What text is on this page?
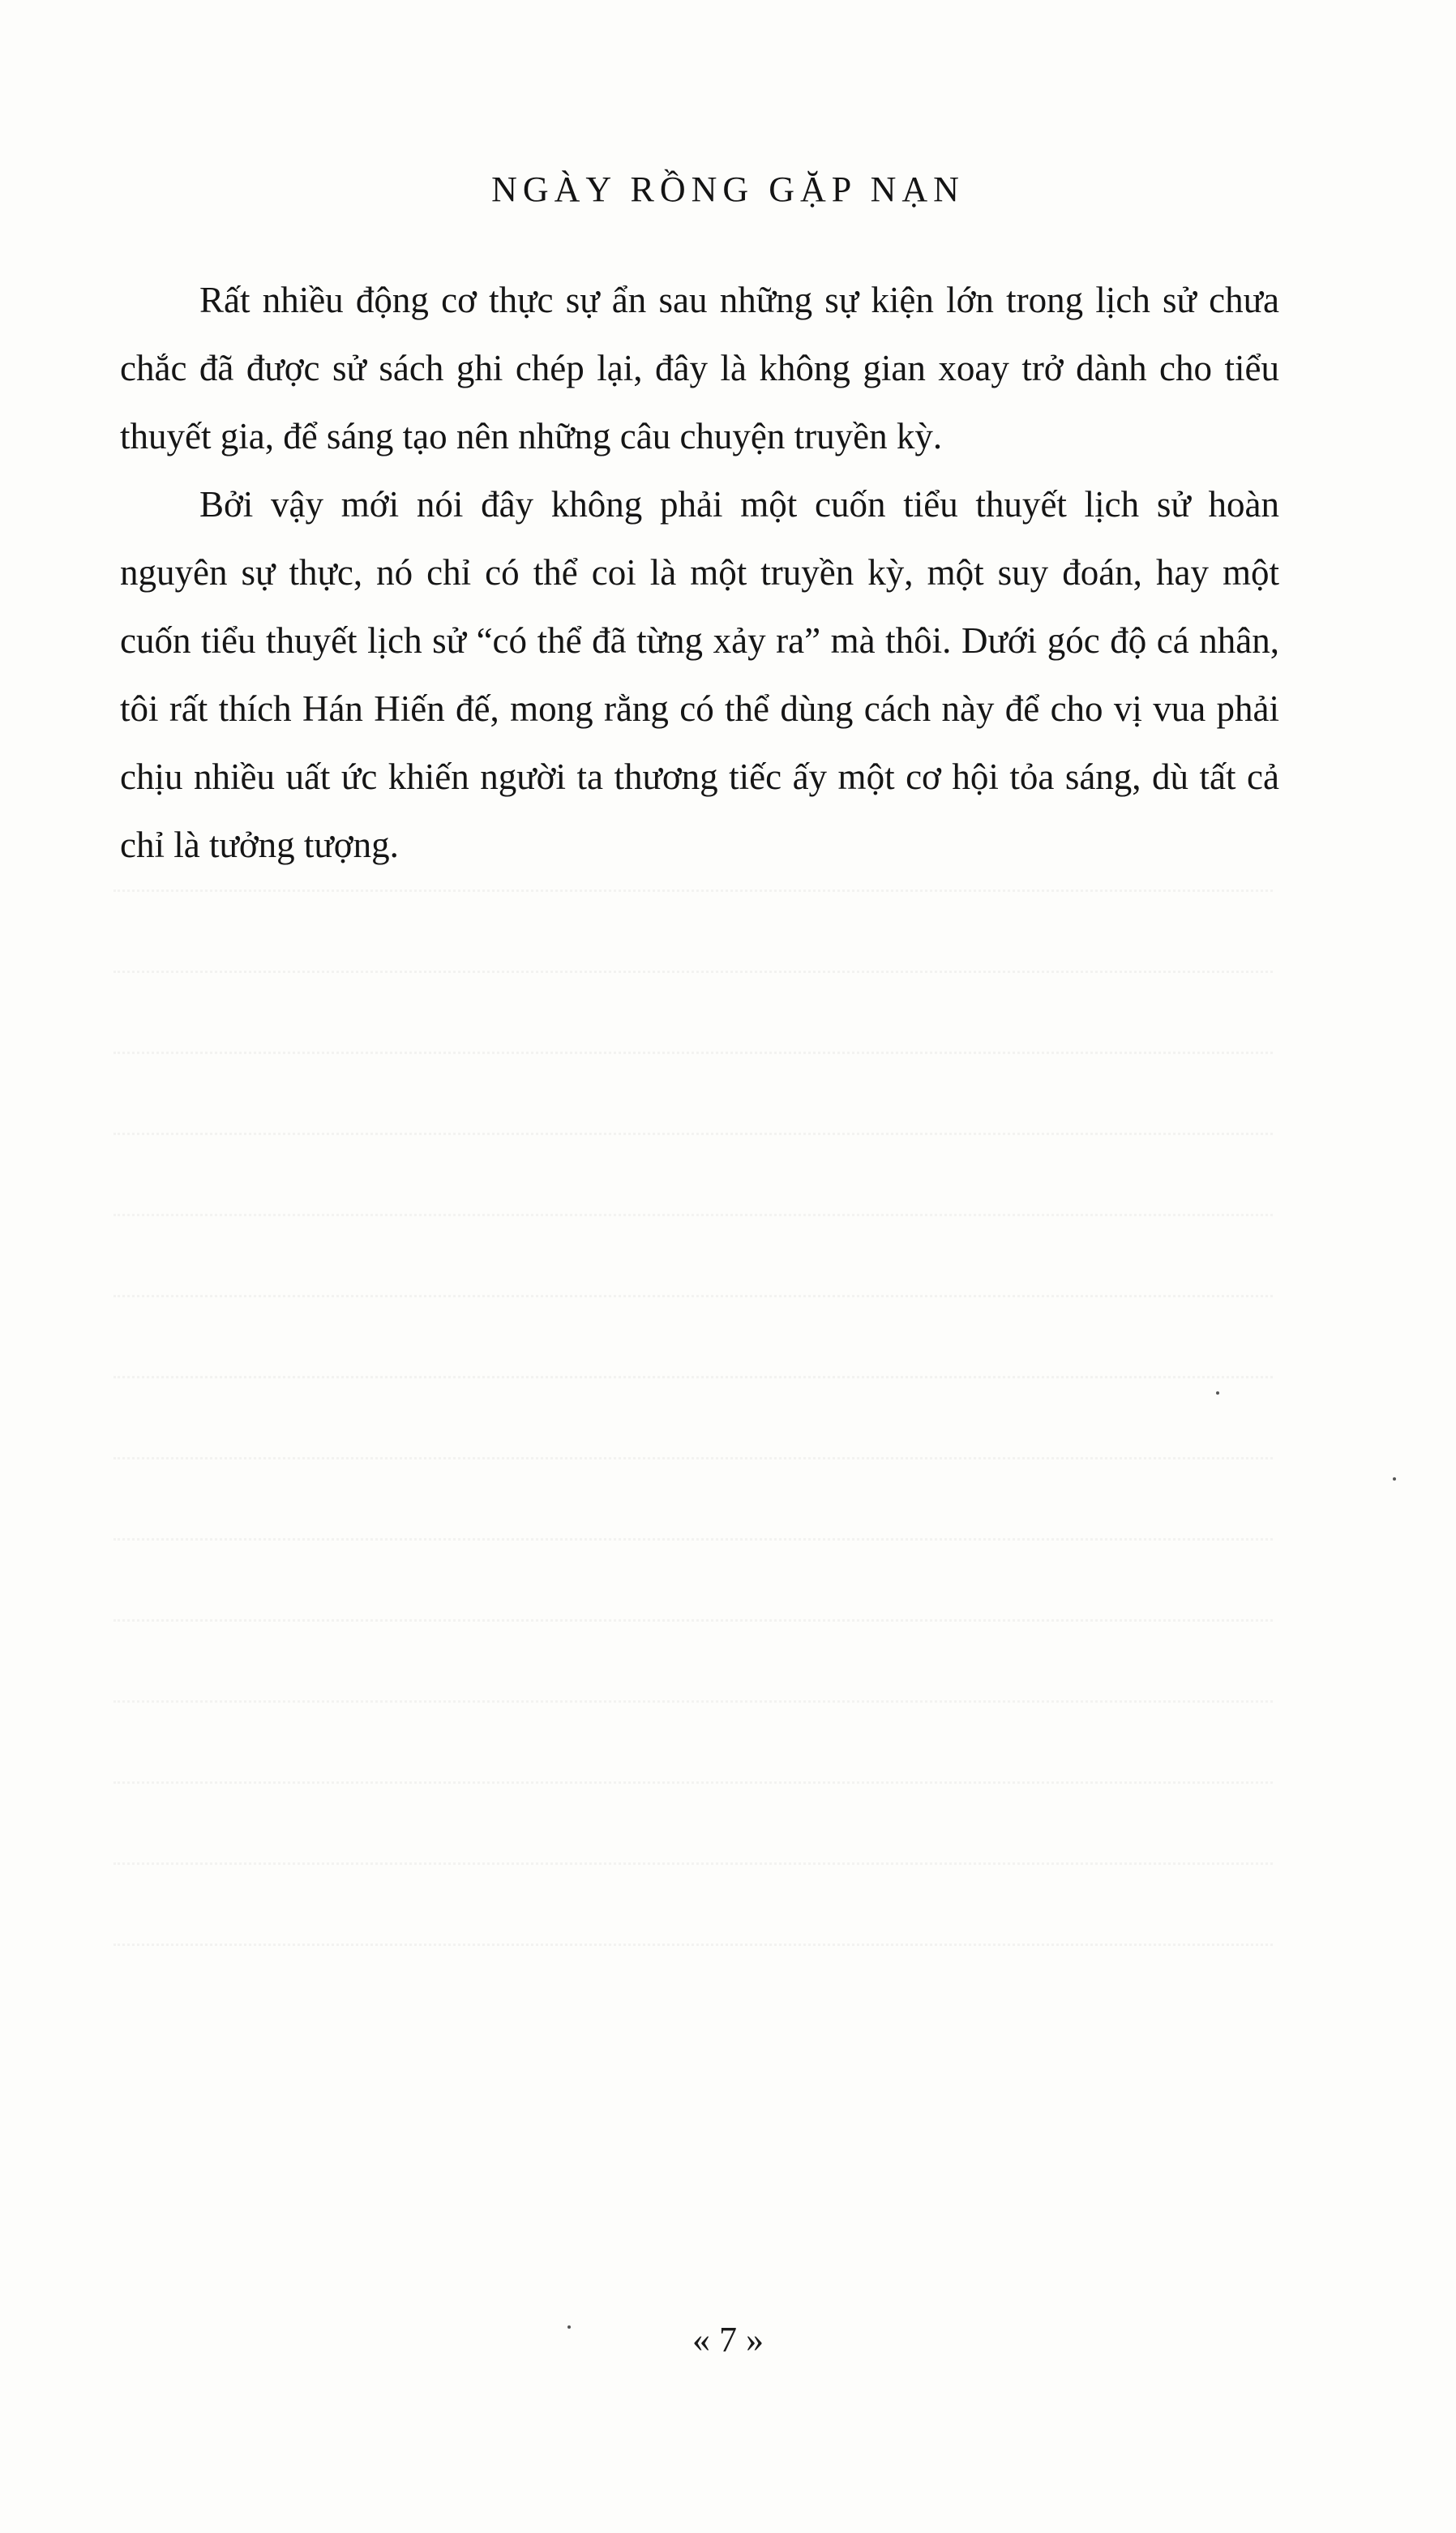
NGÀY RỒNG GẶP NẠN

Rất nhiều động cơ thực sự ẩn sau những sự kiện lớn trong lịch sử chưa chắc đã được sử sách ghi chép lại, đây là không gian xoay trở dành cho tiểu thuyết gia, để sáng tạo nên những câu chuyện truyền kỳ.

Bởi vậy mới nói đây không phải một cuốn tiểu thuyết lịch sử hoàn nguyên sự thực, nó chỉ có thể coi là một truyền kỳ, một suy đoán, hay một cuốn tiểu thuyết lịch sử “có thể đã từng xảy ra” mà thôi. Dưới góc độ cá nhân, tôi rất thích Hán Hiến đế, mong rằng có thể dùng cách này để cho vị vua phải chịu nhiều uất ức khiến người ta thương tiếc ấy một cơ hội tỏa sáng, dù tất cả chỉ là tưởng tượng.

« 7 »
